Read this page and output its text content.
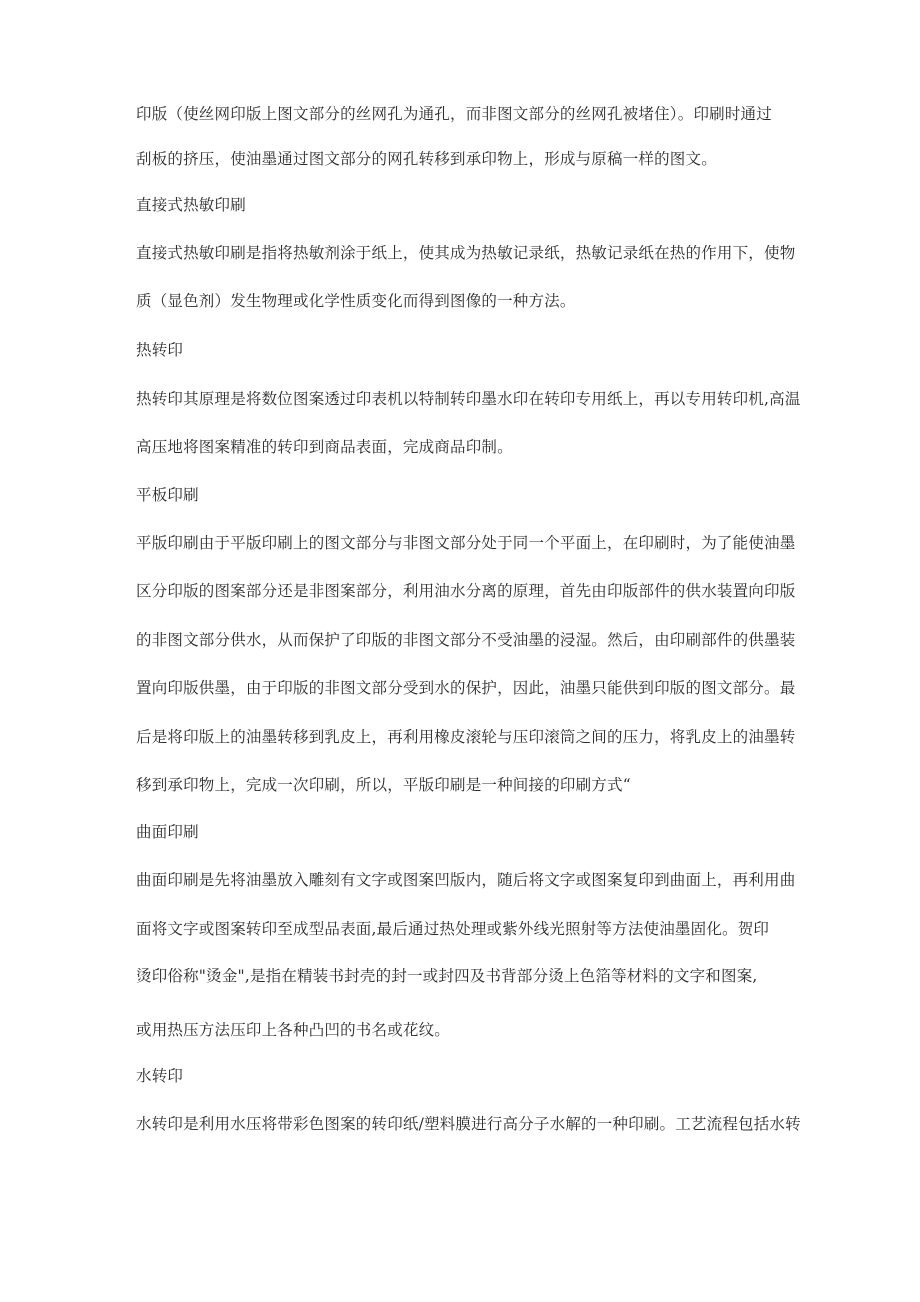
印版（使丝网印版上图文部分的丝网孔为通孔，而非图文部分的丝网孔被堵住）。印刷时通过
刮板的挤压，使油墨通过图文部分的网孔转移到承印物上，形成与原稿一样的图文。
直接式热敏印刷
直接式热敏印刷是指将热敏剂涂于纸上，使其成为热敏记录纸，热敏记录纸在热的作用下，使物
质（显色剂）发生物理或化学性质变化而得到图像的一种方法。
热转印
热转印其原理是将数位图案透过印表机以特制转印墨水印在转印专用纸上，再以专用转印机,高温
高压地将图案精准的转印到商品表面，完成商品印制。
平板印刷
平版印刷由于平版印刷上的图文部分与非图文部分处于同一个平面上，在印刷时，为了能使油墨
区分印版的图案部分还是非图案部分，利用油水分离的原理，首先由印版部件的供水装置向印版
的非图文部分供水，从而保护了印版的非图文部分不受油墨的浸湿。然后，由印刷部件的供墨装
置向印版供墨，由于印版的非图文部分受到水的保护，因此，油墨只能供到印版的图文部分。最
后是将印版上的油墨转移到乳皮上，再利用橡皮滚轮与压印滚筒之间的压力，将乳皮上的油墨转
移到承印物上，完成一次印刷，所以，平版印刷是一种间接的印刷方式“
曲面印刷
曲面印刷是先将油墨放入雕刻有文字或图案凹版内，随后将文字或图案复印到曲面上，再利用曲
面将文字或图案转印至成型品表面,最后通过热处理或紫外线光照射等方法使油墨固化。贺印
烫印俗称"烫金",是指在精装书封壳的封一或封四及书背部分烫上色箔等材料的文字和图案,
或用热压方法压印上各种凸凹的书名或花纹。
水转印
水转印是利用水压将带彩色图案的转印纸/塑料膜进行高分子水解的一种印刷。工艺流程包括水转
